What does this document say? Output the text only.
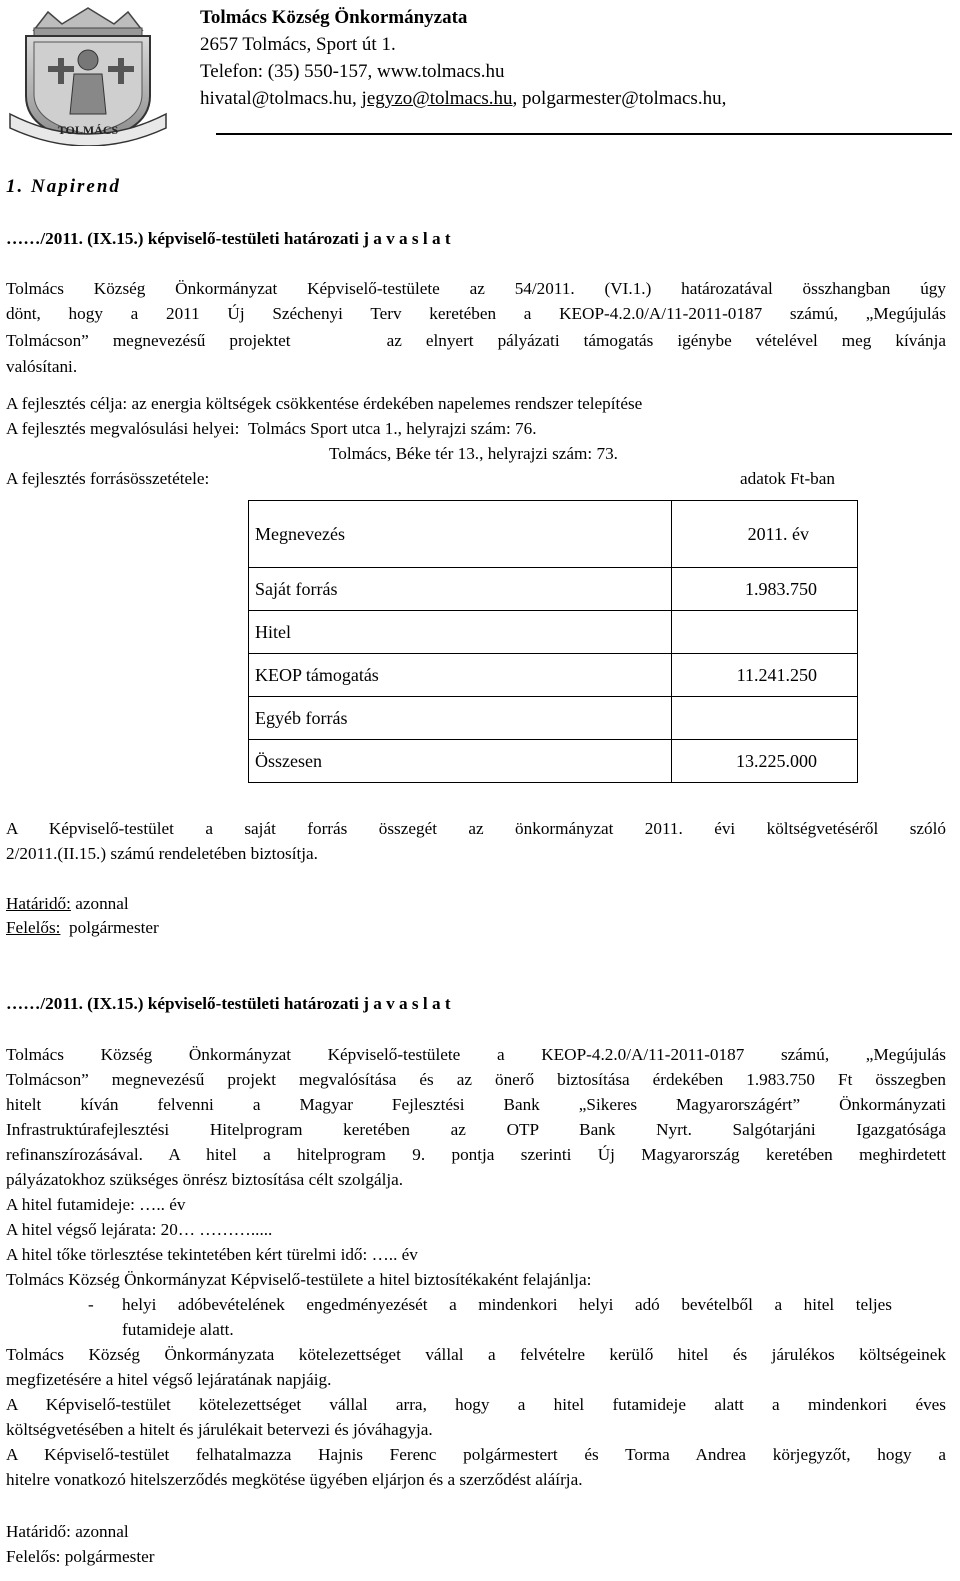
TOLMÁCS
Tolmács Község Önkormányzata
2657 Tolmács, Sport út 1.
Telefon: (35) 550-157, www.tolmacs.hu
hivatal@tolmacs.hu, jegyzo@tolmacs.hu, polgarmester@tolmacs.hu,
1. Napirend
……/2011. (IX.15.) képviselő-testületi határozati j a v a s l a t
Tolmács Község Önkormányzat Képviselő-testülete az 54/2011. (VI.1.) határozatával összhangban úgy
dönt, hogy a 2011 Új Széchenyi Terv keretében a KEOP-4.2.0/A/11-2011-0187 számú, „Megújulás
Tolmácson” megnevezésű projektet    az elnyert pályázati támogatás igénybe vételével meg kívánja
valósítani.
A fejlesztés célja: az energia költségek csökkentése érdekében napelemes rendszer telepítése
A fejlesztés megvalósulási helyei: Tolmács Sport utca 1., helyrajzi szám: 76.
Tolmács, Béke tér 13., helyrajzi szám: 73.
A fejlesztés forrásösszetétele:	adatok Ft-ban
Megnevezés	2011. év
Saját forrás	1.983.750
Hitel	
KEOP támogatás	11.241.250
Egyéb forrás	
Összesen	13.225.000
A Képviselő-testület a saját forrás összegét az önkormányzat 2011. évi költségvetéséről szóló
2/2011.(II.15.) számú rendeletében biztosítja.
Határidő: azonnal
Felelős:  polgármester
……/2011. (IX.15.) képviselő-testületi határozati j a v a s l a t
Tolmács Község Önkormányzat Képviselő-testülete a KEOP-4.2.0/A/11-2011-0187 számú, „Megújulás
Tolmácson” megnevezésű projekt megvalósítása és az önerő biztosítása érdekében 1.983.750 Ft összegben
hitelt kíván felvenni a Magyar Fejlesztési Bank „Sikeres Magyarországért” Önkormányzati
Infrastruktúrafejlesztési Hitelprogram keretében az OTP Bank Nyrt. Salgótarjáni Igazgatósága
refinanszírozásával. A hitel a hitelprogram 9. pontja szerinti Új Magyarország keretében meghirdetett
pályázatokhoz szükséges önrész biztosítása célt szolgálja.
A hitel futamideje: ….. év
A hitel végső lejárata: 20… ……….....
A hitel tőke törlesztése tekintetében kért türelmi idő: ….. év
Tolmács Község Önkormányzat Képviselő-testülete a hitel biztosítékaként felajánlja:
- helyi adóbevételének engedményezését a mindenkori helyi adó bevételből a hitel teljes
futamideje alatt.
Tolmács Község Önkormányzata kötelezettséget vállal a felvételre kerülő hitel és járulékos költségeinek
megfizetésére a hitel végső lejáratának napjáig.
A Képviselő-testület kötelezettséget vállal arra, hogy a hitel futamideje alatt a mindenkori éves
költségvetésében a hitelt és járulékait betervezi és jóváhagyja.
A Képviselő-testület felhatalmazza Hajnis Ferenc polgármestert és Torma Andrea körjegyzőt, hogy a
hitelre vonatkozó hitelszerződés megkötése ügyében eljárjon és a szerződést aláírja.
Határidő: azonnal
Felelős: polgármester
